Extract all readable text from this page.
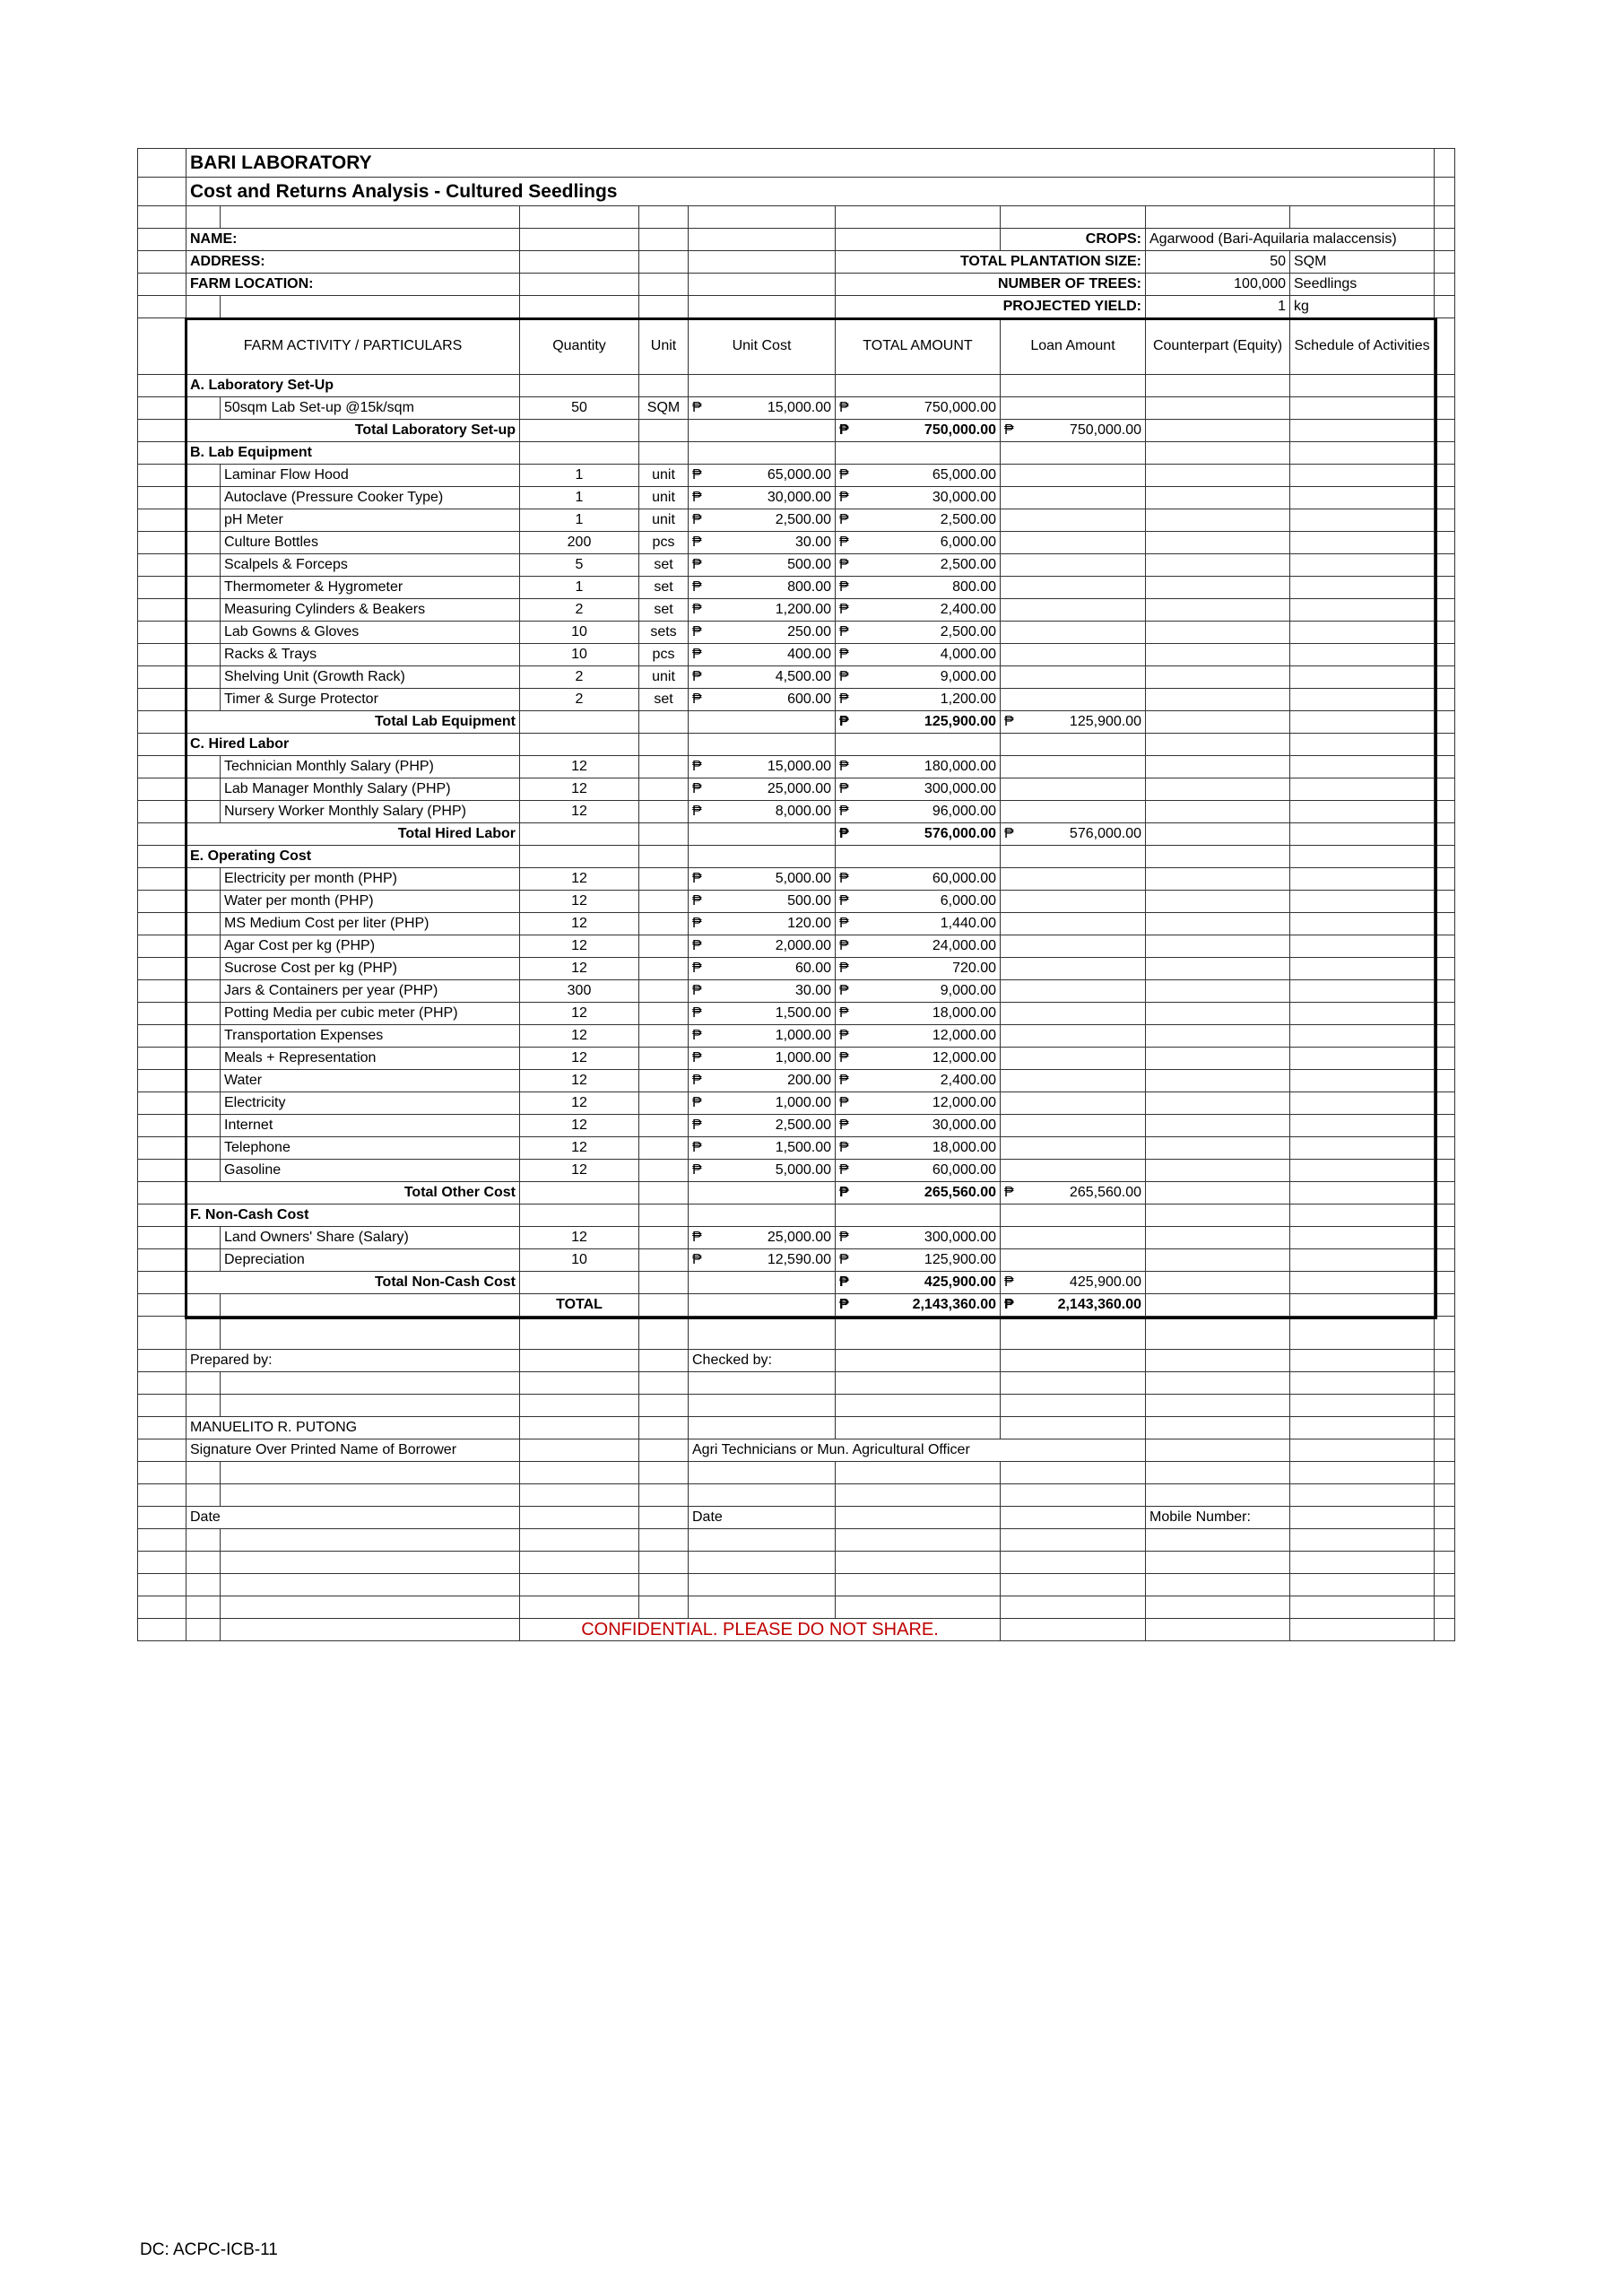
	BARI LABORATORY									
	Cost and Returns Analysis - Cultured Seedlings									

	NAME:						CROPS:	Agarwood (Bari-Aquilaria malaccensis)		
	ADDRESS:					TOTAL PLANTATION SIZE:		50	SQM	
	FARM LOCATION:					NUMBER OF TREES:		100,000	Seedlings	
						PROJECTED YIELD:		1	kg	
	FARM ACTIVITY / PARTICULARS		Quantity	Unit	Unit Cost	TOTAL AMOUNT	Loan Amount	Counterpart (Equity)	Schedule of Activities	
	A. Laboratory Set-Up									
		50sqm Lab Set-up @15k/sqm	50	SQM	₱ 15,000.00	₱ 750,000.00				

	Total Laboratory Set-up					₱ 750,000.00	₱ 750,000.00			

	B. Lab Equipment									
		Laminar Flow Hood	1	unit	₱ 65,000.00	₱ 65,000.00				

		Autoclave (Pressure Cooker Type)	1	unit	₱ 30,000.00	₱ 30,000.00				

		pH Meter	1	unit	₱ 2,500.00	₱ 2,500.00				

		Culture Bottles	200	pcs	₱ 30.00	₱ 6,000.00				

		Scalpels & Forceps	5	set	₱ 500.00	₱ 2,500.00				

		Thermometer & Hygrometer	1	set	₱ 800.00	₱ 800.00				

		Measuring Cylinders & Beakers	2	set	₱ 1,200.00	₱ 2,400.00				

		Lab Gowns & Gloves	10	sets	₱ 250.00	₱ 2,500.00				

		Racks & Trays	10	pcs	₱ 400.00	₱ 4,000.00				

		Shelving Unit (Growth Rack)	2	unit	₱ 4,500.00	₱ 9,000.00				

		Timer & Surge Protector	2	set	₱ 600.00	₱ 1,200.00				

	Total Lab Equipment					₱ 125,900.00	₱ 125,900.00			

	C. Hired Labor									
		Technician Monthly Salary (PHP)	12		₱ 15,000.00	₱ 180,000.00				

		Lab Manager Monthly Salary (PHP)	12		₱ 25,000.00	₱ 300,000.00				

		Nursery Worker Monthly Salary (PHP)	12		₱ 8,000.00	₱ 96,000.00				

	Total Hired Labor					₱ 576,000.00	₱ 576,000.00			

	E. Operating Cost									
		Electricity per month (PHP)	12		₱ 5,000.00	₱ 60,000.00				

		Water per month (PHP)	12		₱ 500.00	₱ 6,000.00				

		MS Medium Cost per liter (PHP)	12		₱ 120.00	₱ 1,440.00				

		Agar Cost per kg (PHP)	12		₱ 2,000.00	₱ 24,000.00				

		Sucrose Cost per kg (PHP)	12		₱ 60.00	₱ 720.00				

		Jars & Containers per year (PHP)	300		₱ 30.00	₱ 9,000.00				

		Potting Media per cubic meter (PHP)	12		₱ 1,500.00	₱ 18,000.00				

		Transportation Expenses	12		₱ 1,000.00	₱ 12,000.00				

		Meals + Representation	12		₱ 1,000.00	₱ 12,000.00				

		Water	12		₱ 200.00	₱ 2,400.00				

		Electricity	12		₱ 1,000.00	₱ 12,000.00				

		Internet	12		₱ 2,500.00	₱ 30,000.00				

		Telephone	12		₱ 1,500.00	₱ 18,000.00				

		Gasoline	12		₱ 5,000.00	₱ 60,000.00				

	Total Other Cost					₱ 265,560.00	₱ 265,560.00			

	F. Non-Cash Cost									
		Land Owners' Share (Salary)	12		₱ 25,000.00	₱ 300,000.00				

		Depreciation	10		₱ 12,590.00	₱ 125,900.00				

	Total Non-Cash Cost					₱ 425,900.00	₱ 425,900.00			

			TOTAL			₱ 2,143,360.00	₱ 2,143,360.00			

	Prepared by:				Checked by:					

	MANUELITO R. PUTONG									
	Signature Over Printed Name of Borrower				Agri Technicians or Mun. Agricultural Officer					

	Date				Date			Mobile Number:		

			CONFIDENTIAL. PLEASE DO NOT SHARE.							
DC: ACPC-ICB-11
